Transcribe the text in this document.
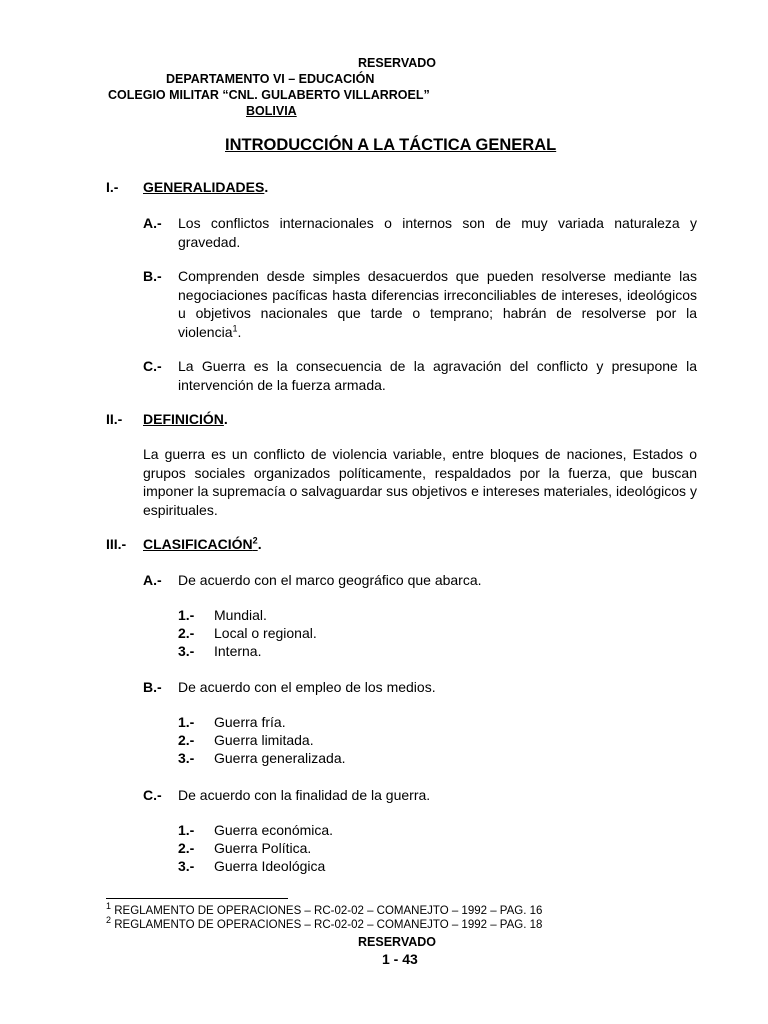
RESERVADO
DEPARTAMENTO VI – EDUCACIÓN
COLEGIO MILITAR “CNL. GULABERTO VILLARROEL”
BOLIVIA
INTRODUCCIÓN A LA TÁCTICA GENERAL
I.- GENERALIDADES.
A.- Los conflictos internacionales o internos son de muy variada naturaleza y gravedad.
B.- Comprenden desde simples desacuerdos que pueden resolverse mediante las negociaciones pacíficas hasta diferencias irreconciliables de intereses, ideológicos u objetivos nacionales que tarde o temprano; habrán de resolverse por la violencia$^1$.
C.- La Guerra es la consecuencia de la agravación del conflicto y presupone la intervención de la fuerza armada.
II.- DEFINICIÓN.
La guerra es un conflicto de violencia variable, entre bloques de naciones, Estados o grupos sociales organizados políticamente, respaldados por la fuerza, que buscan imponer la supremacía o salvaguardar sus objetivos e intereses materiales, ideológicos y espirituales.
III.- CLASIFICACIÓN$^2$.
A.- De acuerdo con el marco geográfico que abarca.
1.- Mundial.
2.- Local o regional.
3.- Interna.
B.- De acuerdo con el empleo de los medios.
1.- Guerra fría.
2.- Guerra limitada.
3.- Guerra generalizada.
C.- De acuerdo con la finalidad de la guerra.
1.- Guerra económica.
2.- Guerra Política.
3.- Guerra Ideológica
$^1$ REGLAMENTO DE OPERACIONES – RC-02-02 – COMANEJTO – 1992 – PAG. 16
$^2$ REGLAMENTO DE OPERACIONES – RC-02-02 – COMANEJTO – 1992 – PAG. 18
RESERVADO
1 - 43
